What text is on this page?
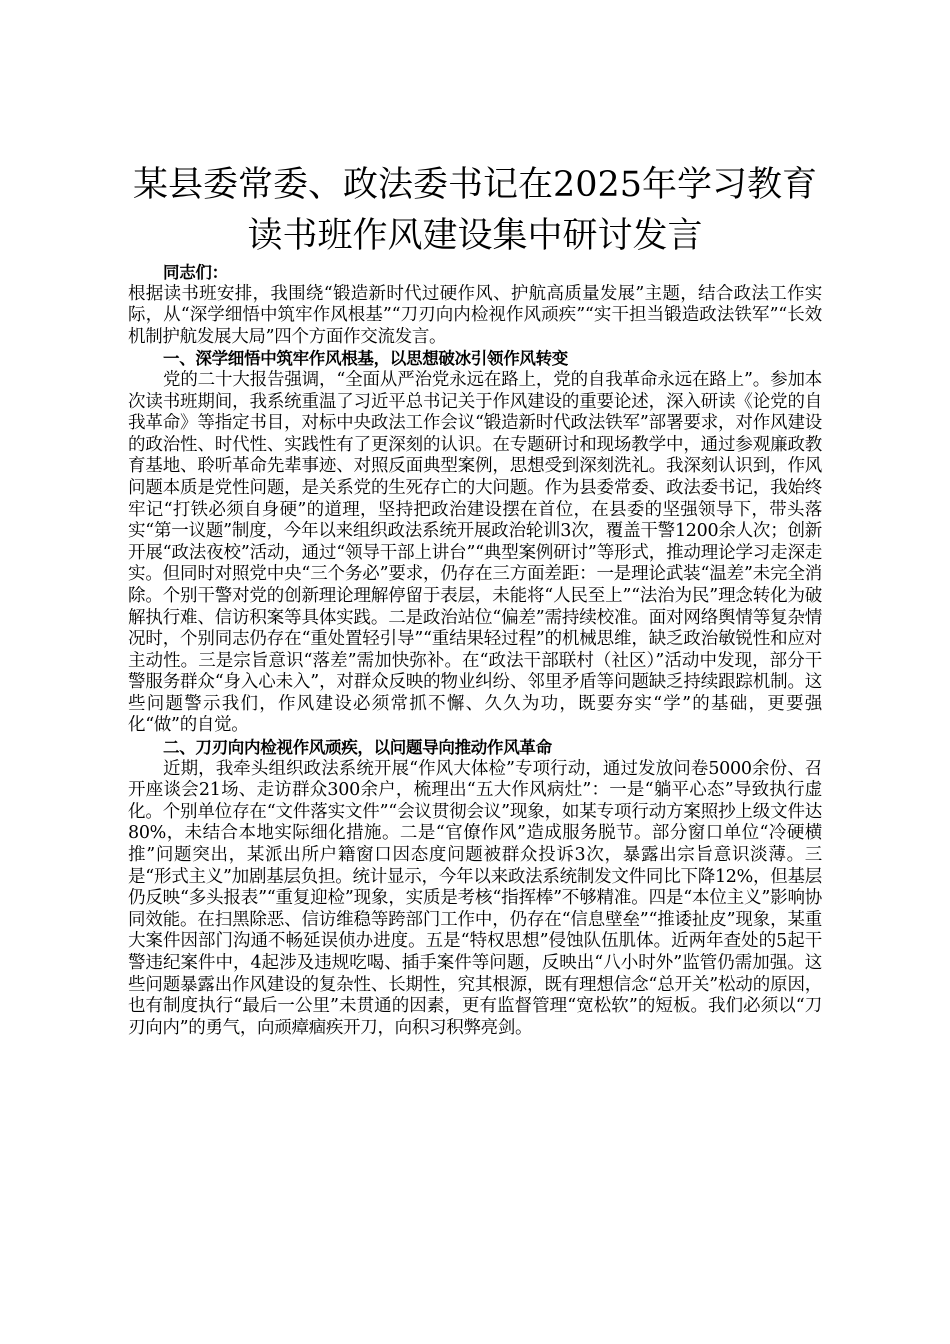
某县委常委、政法委书记在2025年学习教育
读书班作风建设集中研讨发言

同志们：

根据读书班安排，我围绕“锻造新时代过硬作风、护航高质量发展”主题，结合政法工作实际，从“深学细悟中筑牢作风根基”“刀刃向内检视作风顽疾”“实干担当锻造政法铁军”“长效机制护航发展大局”四个方面作交流发言。

一、深学细悟中筑牢作风根基，以思想破冰引领作风转变

党的二十大报告强调，“全面从严治党永远在路上，党的自我革命永远在路上”。参加本次读书班期间，我系统重温了习近平总书记关于作风建设的重要论述，深入研读《论党的自我革命》等指定书目，对标中央政法工作会议“锻造新时代政法铁军”部署要求，对作风建设的政治性、时代性、实践性有了更深刻的认识。在专题研讨和现场教学中，通过参观廉政教育基地、聆听革命先辈事迹、对照反面典型案例，思想受到深刻洗礼。我深刻认识到，作风问题本质是党性问题，是关系党的生死存亡的大问题。作为县委常委、政法委书记，我始终牢记“打铁必须自身硬”的道理，坚持把政治建设摆在首位，在县委的坚强领导下，带头落实“第一议题”制度，今年以来组织政法系统开展政治轮训3次，覆盖干警1200余人次；创新开展“政法夜校”活动，通过“领导干部上讲台”“典型案例研讨”等形式，推动理论学习走深走实。但同时对照党中央“三个务必”要求，仍存在三方面差距：一是理论武装“温差”未完全消除。个别干警对党的创新理论理解停留于表层，未能将“人民至上”“法治为民”理念转化为破解执行难、信访积案等具体实践。二是政治站位“偏差”需持续校准。面对网络舆情等复杂情况时，个别同志仍存在“重处置轻引导”“重结果轻过程”的机械思维，缺乏政治敏锐性和应对主动性。三是宗旨意识“落差”需加快弥补。在“政法干部联村（社区）”活动中发现，部分干警服务群众“身入心未入”，对群众反映的物业纠纷、邻里矛盾等问题缺乏持续跟踪机制。这些问题警示我们，作风建设必须常抓不懈、久久为功，既要夯实“学”的基础，更要强化“做”的自觉。

二、刀刃向内检视作风顽疾，以问题导向推动作风革命

近期，我牵头组织政法系统开展“作风大体检”专项行动，通过发放问卷5000余份、召开座谈会21场、走访群众300余户，梳理出“五大作风病灶”：一是“躺平心态”导致执行虚化。个别单位存在“文件落实文件”“会议贯彻会议”现象，如某专项行动方案照抄上级文件达80%，未结合本地实际细化措施。二是“官僚作风”造成服务脱节。部分窗口单位“冷硬横推”问题突出，某派出所户籍窗口因态度问题被群众投诉3次，暴露出宗旨意识淡薄。三是“形式主义”加剧基层负担。统计显示，今年以来政法系统制发文件同比下降12%，但基层仍反映“多头报表”“重复迎检”现象，实质是考核“指挥棒”不够精准。四是“本位主义”影响协同效能。在扫黑除恶、信访维稳等跨部门工作中，仍存在“信息壁垒”“推诿扯皮”现象，某重大案件因部门沟通不畅延误侦办进度。五是“特权思想”侵蚀队伍肌体。近两年查处的5起干警违纪案件中，4起涉及违规吃喝、插手案件等问题，反映出“八小时外”监管仍需加强。这些问题暴露出作风建设的复杂性、长期性，究其根源，既有理想信念“总开关”松动的原因，也有制度执行“最后一公里”未贯通的因素，更有监督管理“宽松软”的短板。我们必须以“刀刃向内”的勇气，向顽瘴痼疾开刀，向积习积弊亮剑。
